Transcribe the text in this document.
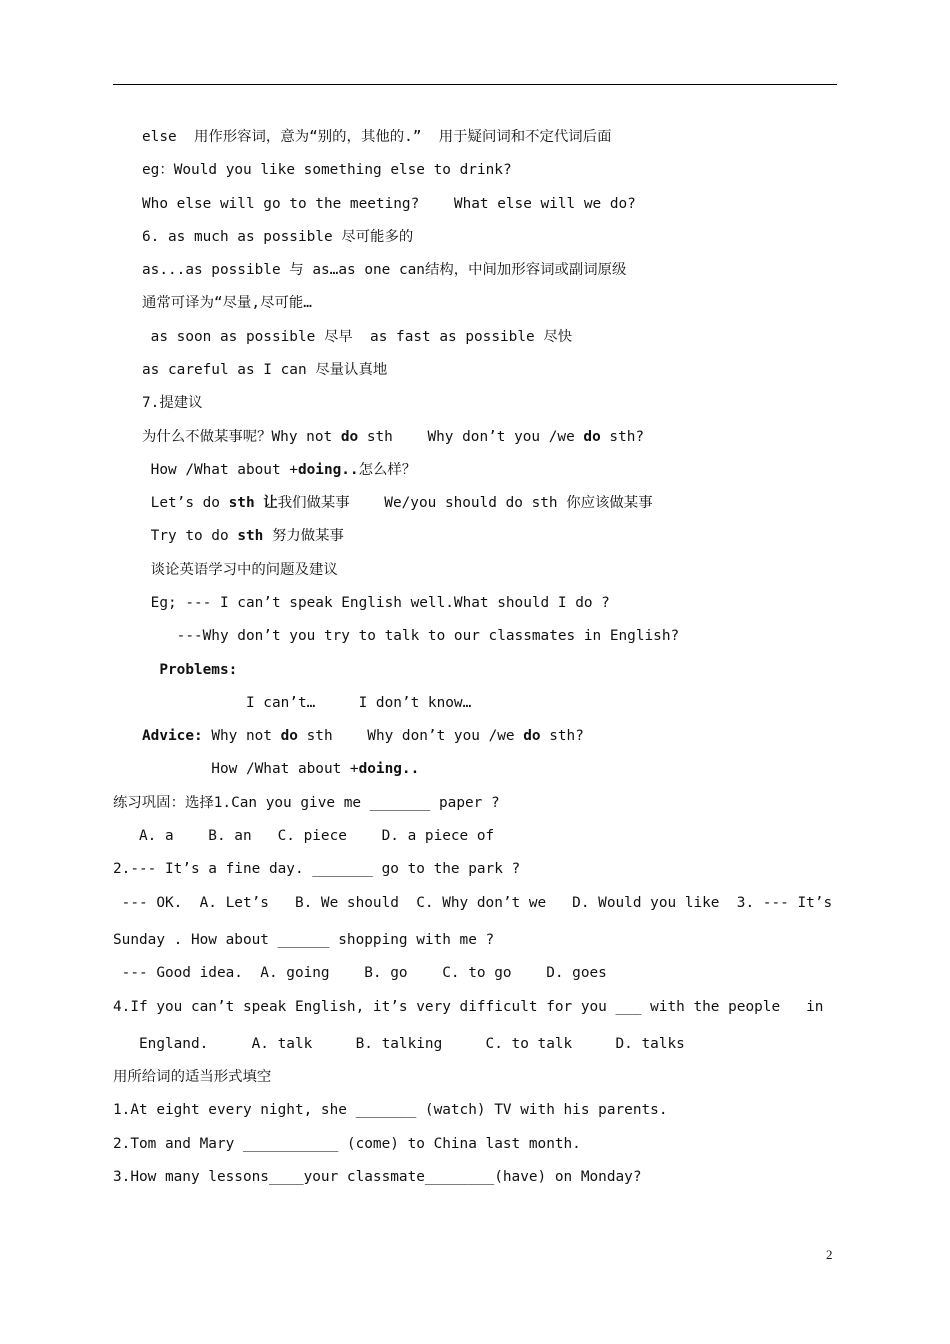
else  用作形容词，意为“别的，其他的.”  用于疑问词和不定代词后面
eg：Would you like something else to drink?
Who else will go to the meeting?    What else will we do?
6. as much as possible 尽可能多的
as...as possible 与 as…as one can结构，中间加形容词或副词原级
通常可译为“尽量,尽可能…
as soon as possible 尽早  as fast as possible 尽快
as careful as I can 尽量认真地
7.提建议
为什么不做某事呢？Why not do sth    Why don’t you /we do sth?
How /What about +doing..怎么样？
Let’s do sth 让我们做某事    We/you should do sth 你应该做某事
Try to do sth 努力做某事
谈论英语学习中的问题及建议
Eg; --- I can’t speak English well.What should I do ?
---Why don’t you try to talk to our classmates in English?
Problems:
I can’t…     I don’t know…
Advice: Why not do sth    Why don’t you /we do sth?
How /What about +doing..
练习巩固：选择1.Can you give me _______ paper ?
A. a    B. an   C. piece    D. a piece of
2.--- It’s a fine day. _______ go to the park ?
--- OK.  A. Let’s   B. We should  C. Why don’t we   D. Would you like  3. --- It’s
Sunday . How about ______ shopping with me ?
--- Good idea.  A. going    B. go    C. to go    D. goes
4.If you can’t speak English, it’s very difficult for you ___ with the people   in
England.     A. talk     B. talking     C. to talk     D. talks
用所给词的适当形式填空
1.At eight every night, she _______ (watch) TV with his parents.
2.Tom and Mary ___________ (come) to China last month.
3.How many lessons____your classmate________(have) on Monday?
2
